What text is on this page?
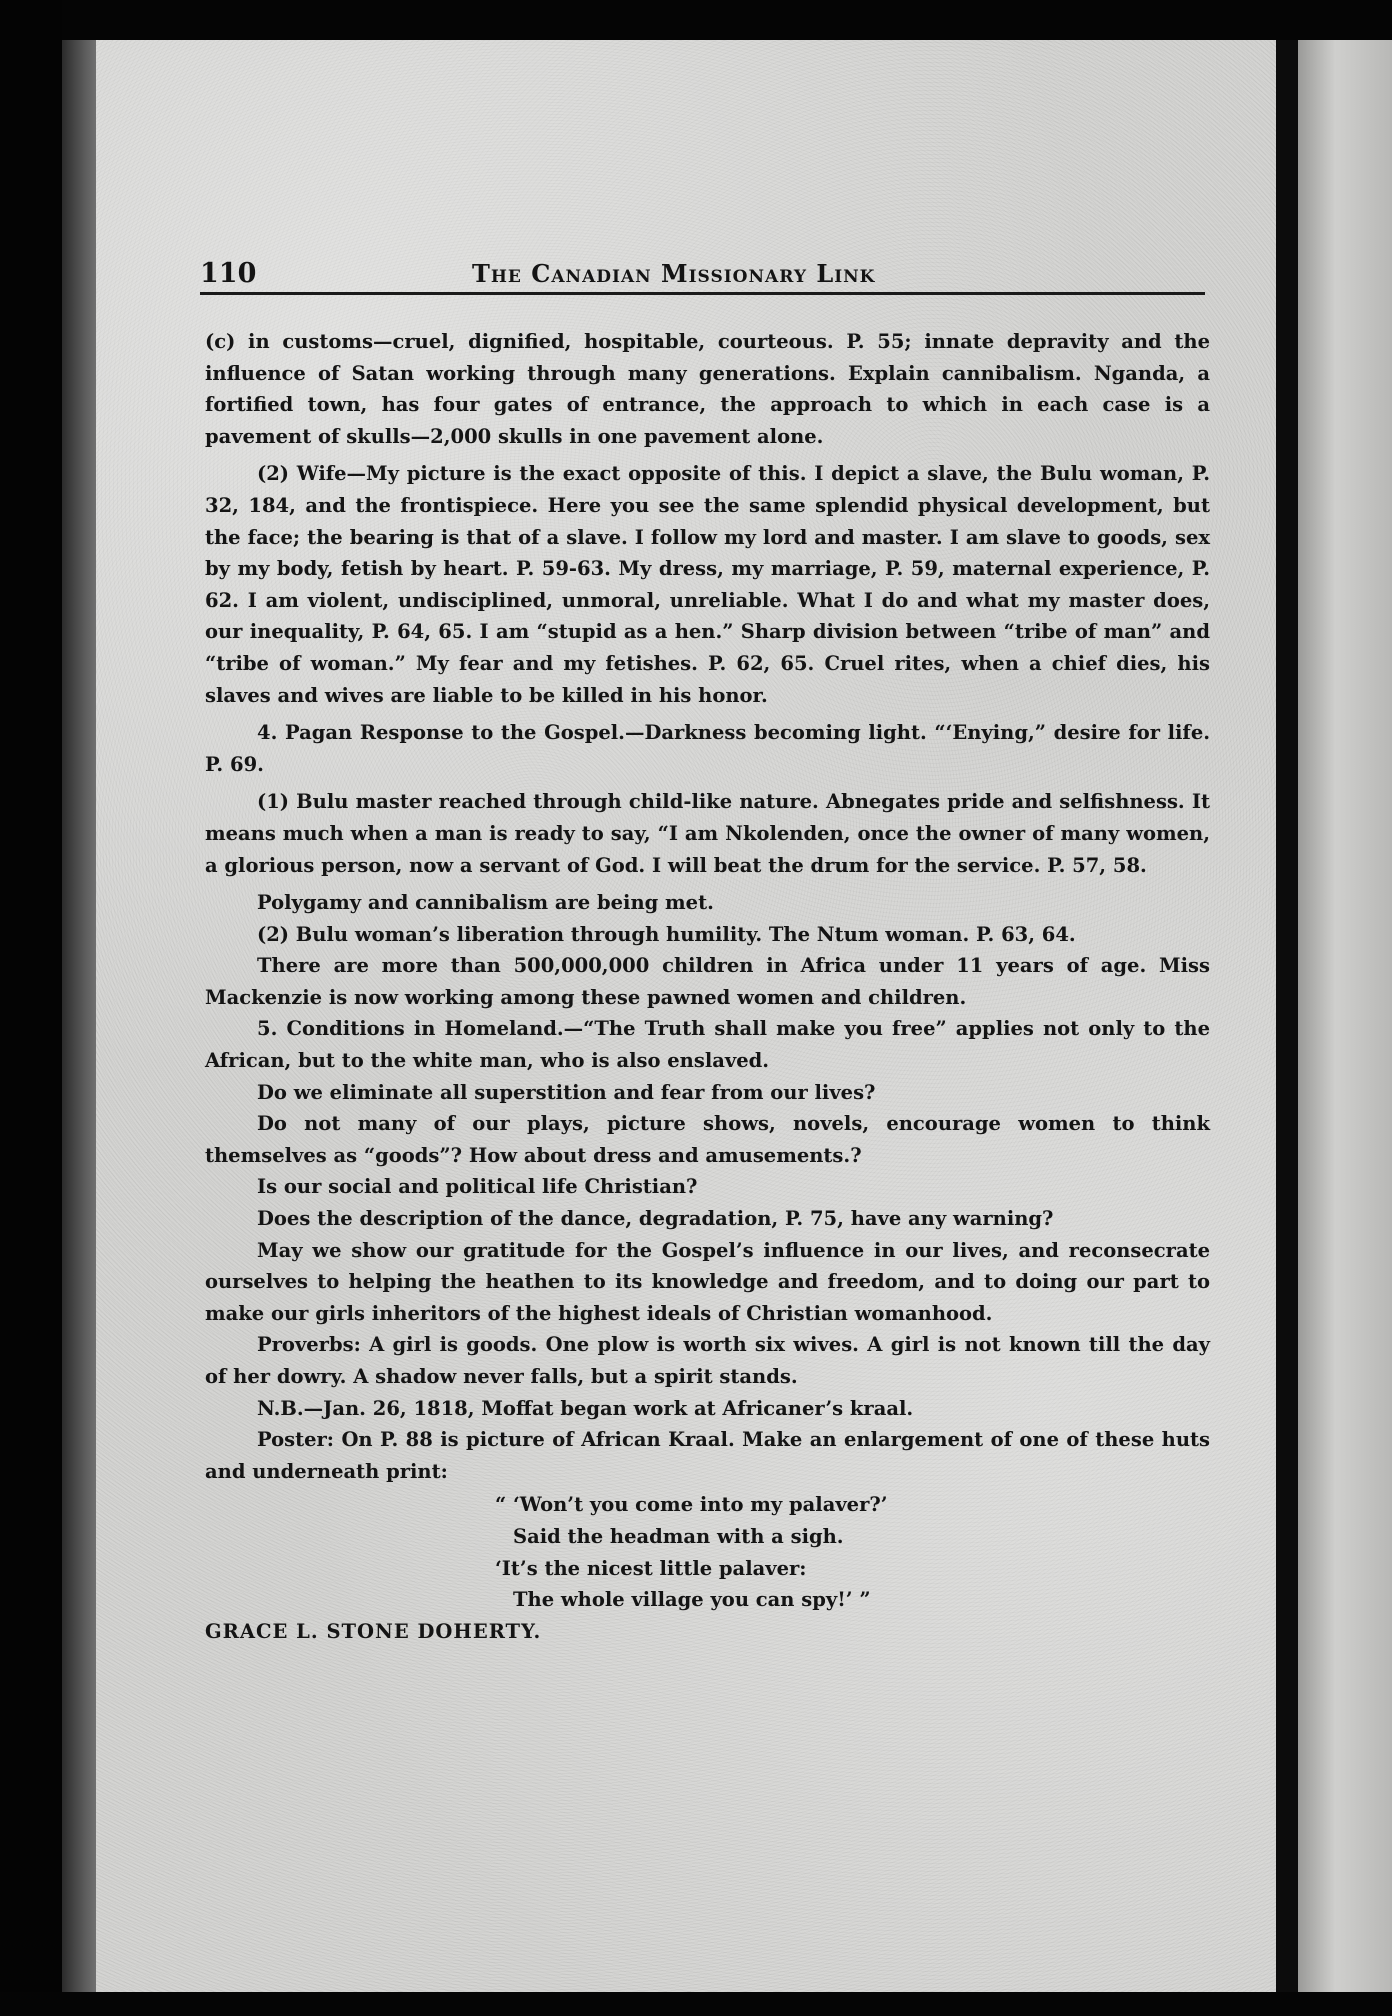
110	The Canadian Missionary Link

(c) in customs—cruel, dignified, hospitable, courteous. P. 55; innate depravity and the influence of Satan working through many generations. Explain cannibalism. Nganda, a fortified town, has four gates of entrance, the approach to which in each case is a pavement of skulls—2,000 skulls in one pavement alone.

(2) Wife—My picture is the exact opposite of this. I depict a slave, the Bulu woman, P. 32, 184, and the frontispiece. Here you see the same splendid physical development, but the face; the bearing is that of a slave. I follow my lord and master. I am slave to goods, sex by my body, fetish by heart. P. 59-63. My dress, my marriage, P. 59, maternal experience, P. 62. I am violent, undisciplined, unmoral, unreliable. What I do and what my master does, our inequality, P. 64, 65. I am “stupid as a hen.” Sharp division between “tribe of man” and “tribe of woman.” My fear and my fetishes. P. 62, 65. Cruel rites, when a chief dies, his slaves and wives are liable to be killed in his honor.

4. Pagan Response to the Gospel.—Darkness becoming light. “‘Enying,” desire for life. P. 69.

(1) Bulu master reached through child-like nature. Abnegates pride and selfishness. It means much when a man is ready to say, “I am Nkolenden, once the owner of many women, a glorious person, now a servant of God. I will beat the drum for the service. P. 57, 58.

Polygamy and cannibalism are being met.

(2) Bulu woman’s liberation through humility. The Ntum woman. P. 63, 64.

There are more than 500,000,000 children in Africa under 11 years of age. Miss Mackenzie is now working among these pawned women and children.

5. Conditions in Homeland.—“The Truth shall make you free” applies not only to the African, but to the white man, who is also enslaved.

Do we eliminate all superstition and fear from our lives?

Do not many of our plays, picture shows, novels, encourage women to think themselves as “goods”? How about dress and amusements.?

Is our social and political life Christian?

Does the description of the dance, degradation, P. 75, have any warning?

May we show our gratitude for the Gospel’s influence in our lives, and reconsecrate ourselves to helping the heathen to its knowledge and freedom, and to doing our part to make our girls inheritors of the highest ideals of Christian womanhood.

Proverbs: A girl is goods. One plow is worth six wives. A girl is not known till the day of her dowry. A shadow never falls, but a spirit stands.

N.B.—Jan. 26, 1818, Moffat began work at Africaner’s kraal.

Poster: On P. 88 is picture of African Kraal. Make an enlargement of one of these huts and underneath print:

“ ‘Won’t you come into my palaver?’
Said the headman with a sigh.
‘It’s the nicest little palaver:
The whole village you can spy!’ ”

GRACE L. STONE DOHERTY.
